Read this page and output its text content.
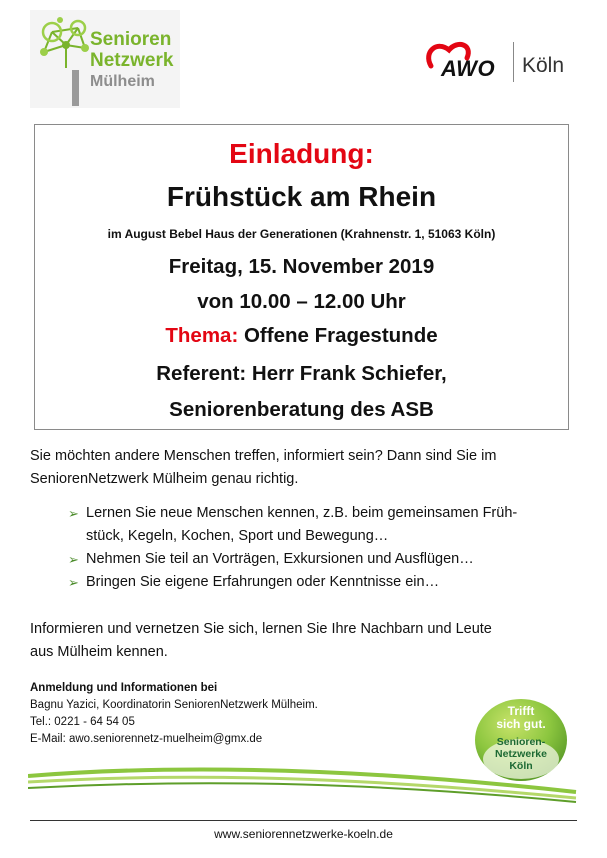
Senioren
Netzwerk
Mülheim
AWO Köln
Einladung:
Frühstück am Rhein
im August Bebel Haus der Generationen (Krahnenstr. 1, 51063 Köln)
Freitag, 15. November 2019
von 10.00 – 12.00 Uhr
Thema: Offene Fragestunde
Referent: Herr Frank Schiefer,
Seniorenberatung des ASB
Sie möchten andere Menschen treffen, informiert sein? Dann sind Sie im
SeniorenNetzwerk Mülheim genau richtig.
➢ Lernen Sie neue Menschen kennen, z.B. beim gemeinsamen Früh-
stück, Kegeln, Kochen, Sport und Bewegung…
➢ Nehmen Sie teil an Vorträgen, Exkursionen und Ausflügen…
➢ Bringen Sie eigene Erfahrungen oder Kenntnisse ein…
Informieren und vernetzen Sie sich, lernen Sie Ihre Nachbarn und Leute
aus Mülheim kennen.
Anmeldung und Informationen bei
Bagnu Yazici, Koordinatorin SeniorenNetzwerk Mülheim.
Tel.: 0221 - 64 54 05
E-Mail: awo.seniorennetz-muelheim@gmx.de
Trifft
sich gut.
Senioren-
Netzwerke
Köln
www.seniorennetzwerke-koeln.de
